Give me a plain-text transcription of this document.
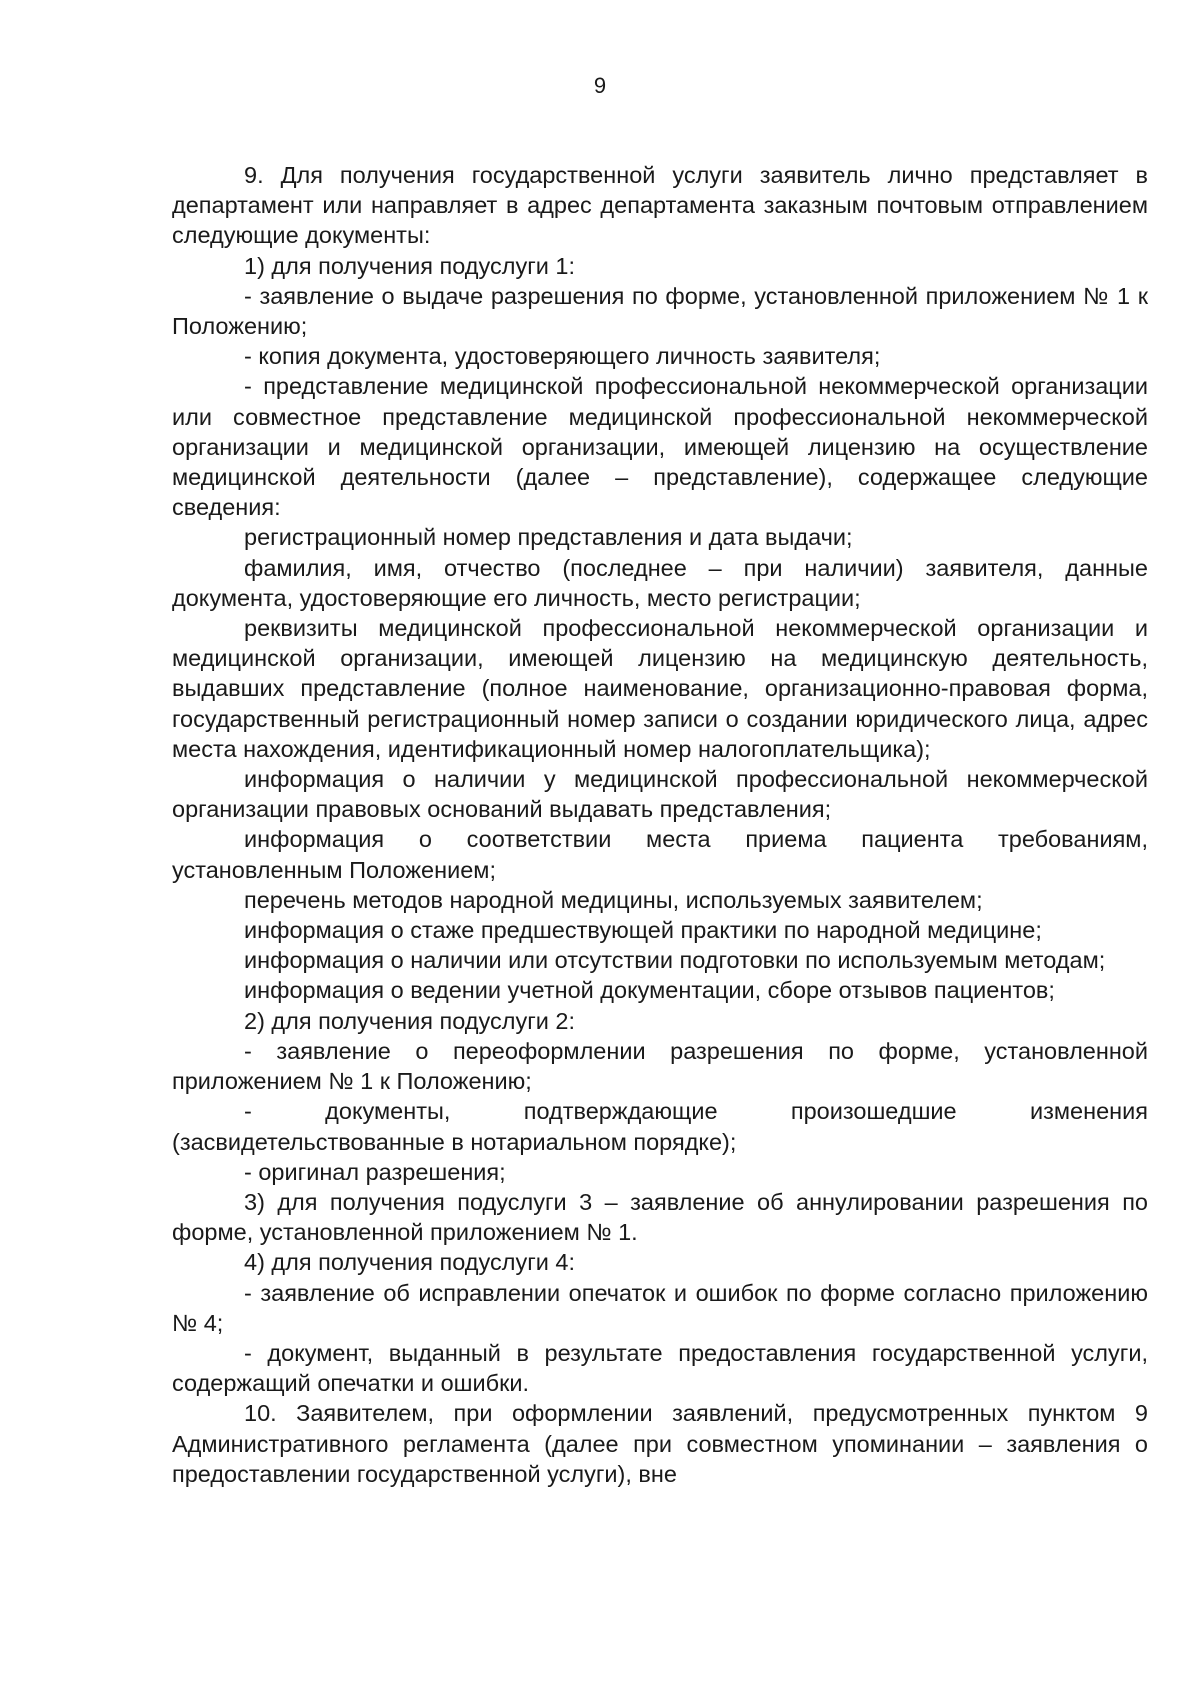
9

9. Для получения государственной услуги заявитель лично представляет в департамент или направляет в адрес департамента заказным почтовым отправлением следующие документы:

1) для получения подуслуги 1:

- заявление о выдаче разрешения по форме, установленной приложением № 1 к Положению;

- копия документа, удостоверяющего личность заявителя;

- представление медицинской профессиональной некоммерческой организации или совместное представление медицинской профессиональной некоммерческой организации и медицинской организации, имеющей лицензию на осуществление медицинской деятельности (далее – представление), содержащее следующие сведения:

регистрационный номер представления и дата выдачи;

фамилия, имя, отчество (последнее – при наличии) заявителя, данные документа, удостоверяющие его личность, место регистрации;

реквизиты медицинской профессиональной некоммерческой организации и медицинской организации, имеющей лицензию на медицинскую деятельность, выдавших представление (полное наименование, организационно-правовая форма, государственный регистрационный номер записи о создании юридического лица, адрес места нахождения, идентификационный номер налогоплательщика);

информация о наличии у медицинской профессиональной некоммерческой организации правовых оснований выдавать представления;

информация о соответствии места приема пациента требованиям, установленным Положением;

перечень методов народной медицины, используемых заявителем;

информация о стаже предшествующей практики по народной медицине;

информация о наличии или отсутствии подготовки по используемым методам;

информация о ведении учетной документации, сборе отзывов пациентов;

2) для получения подуслуги 2:

- заявление о переоформлении разрешения по форме, установленной приложением № 1 к Положению;

- документы, подтверждающие произошедшие изменения (засвидетельствованные в нотариальном порядке);

- оригинал разрешения;

3) для получения подуслуги 3 – заявление об аннулировании разрешения по форме, установленной приложением № 1.

4) для получения подуслуги 4:

- заявление об исправлении опечаток и ошибок по форме согласно приложению № 4;

- документ, выданный в результате предоставления государственной услуги, содержащий опечатки и ошибки.

10. Заявителем, при оформлении заявлений, предусмотренных пунктом 9 Административного регламента (далее при совместном упоминании – заявления о предоставлении государственной услуги), вне
